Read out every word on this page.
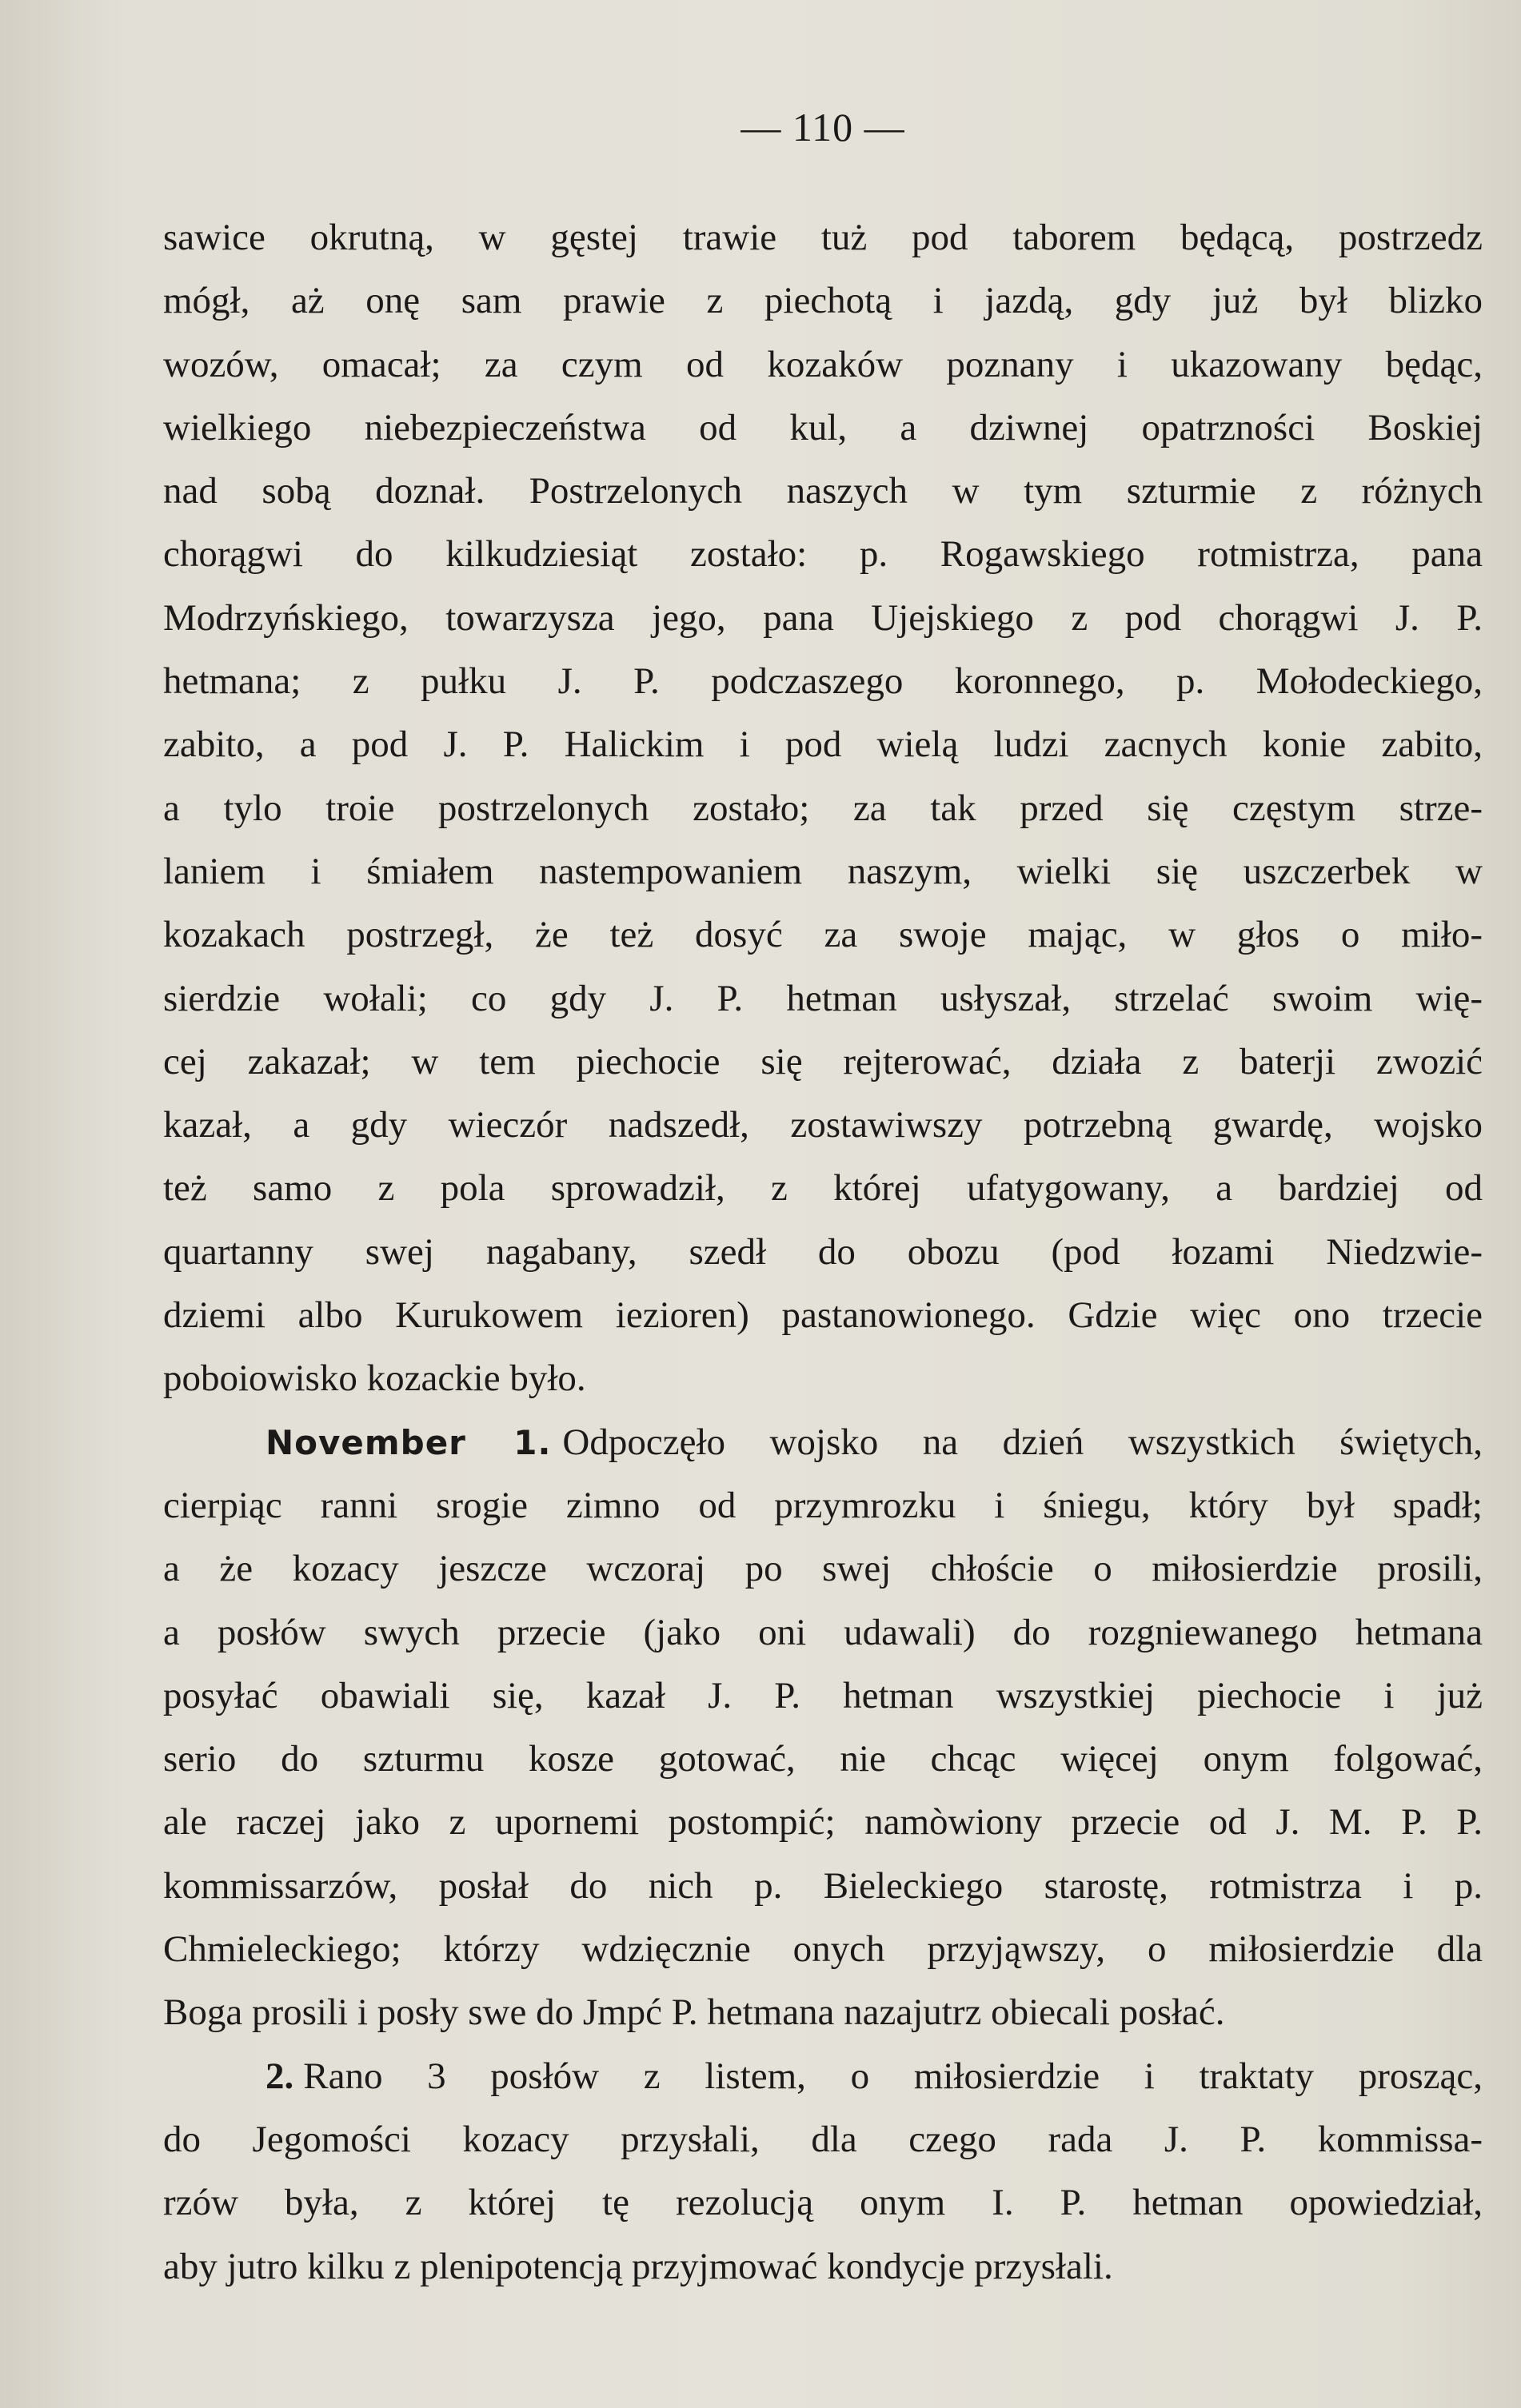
— 110 —
sawice okrutną, w gęstej trawie tuż pod taborem będącą, postrzedz
mógł, aż onę sam prawie z piechotą i jazdą, gdy już był blizko
wozów, omacał; za czym od kozaków poznany i ukazowany będąc,
wielkiego niebezpieczeństwa od kul, a dziwnej opatrzności Boskiej
nad sobą doznał. Postrzelonych naszych w tym szturmie z różnych
chorągwi do kilkudziesiąt zostało: p. Rogawskiego rotmistrza, pana
Modrzyńskiego, towarzysza jego, pana Ujejskiego z pod chorągwi J. P.
hetmana; z pułku J. P. podczaszego koronnego, p. Mołodeckiego,
zabito, a pod J. P. Halickim i pod wielą ludzi zacnych konie zabito,
a tylo troie postrzelonych zostało; za tak przed się częstym strze-
laniem i śmiałem nastempowaniem naszym, wielki się uszczerbek w
kozakach postrzegł, że też dosyć za swoje mając, w głos o miło-
sierdzie wołali; co gdy J. P. hetman usłyszał, strzelać swoim wię-
cej zakazał; w tem piechocie się rejterować, działa z baterji zwozić
kazał, a gdy wieczór nadszedł, zostawiwszy potrzebną gwardę, wojsko
też samo z pola sprowadził, z której ufatygowany, a bardziej od
quartanny swej nagabany, szedł do obozu (pod łozami Niedzwie-
dziemi albo Kurukowem iezioren) pastanowionego. Gdzie więc ono trzecie
poboiowisko kozackie było.
November 1. Odpoczęło wojsko na dzień wszystkich świętych,
cierpiąc ranni srogie zimno od przymrozku i śniegu, który był spadł;
a że kozacy jeszcze wczoraj po swej chłoście o miłosierdzie prosili,
a posłów swych przecie (jako oni udawali) do rozgniewanego hetmana
posyłać obawiali się, kazał J. P. hetman wszystkiej piechocie i już
serio do szturmu kosze gotować, nie chcąc więcej onym folgować,
ale raczej jako z upornemi postompić; namòwiony przecie od J. M. P. P.
kommissarzów, posłał do nich p. Bieleckiego starostę, rotmistrza i p.
Chmieleckiego; którzy wdzięcznie onych przyjąwszy, o miłosierdzie dla
Boga prosili i posły swe do Jmpć P. hetmana nazajutrz obiecali posłać.
2. Rano 3 posłów z listem, o miłosierdzie i traktaty prosząc,
do Jegomości kozacy przysłali, dla czego rada J. P. kommissa-
rzów była, z której tę rezolucją onym I. P. hetman opowiedział,
aby jutro kilku z plenipotencją przyjmować kondycje przysłali.
